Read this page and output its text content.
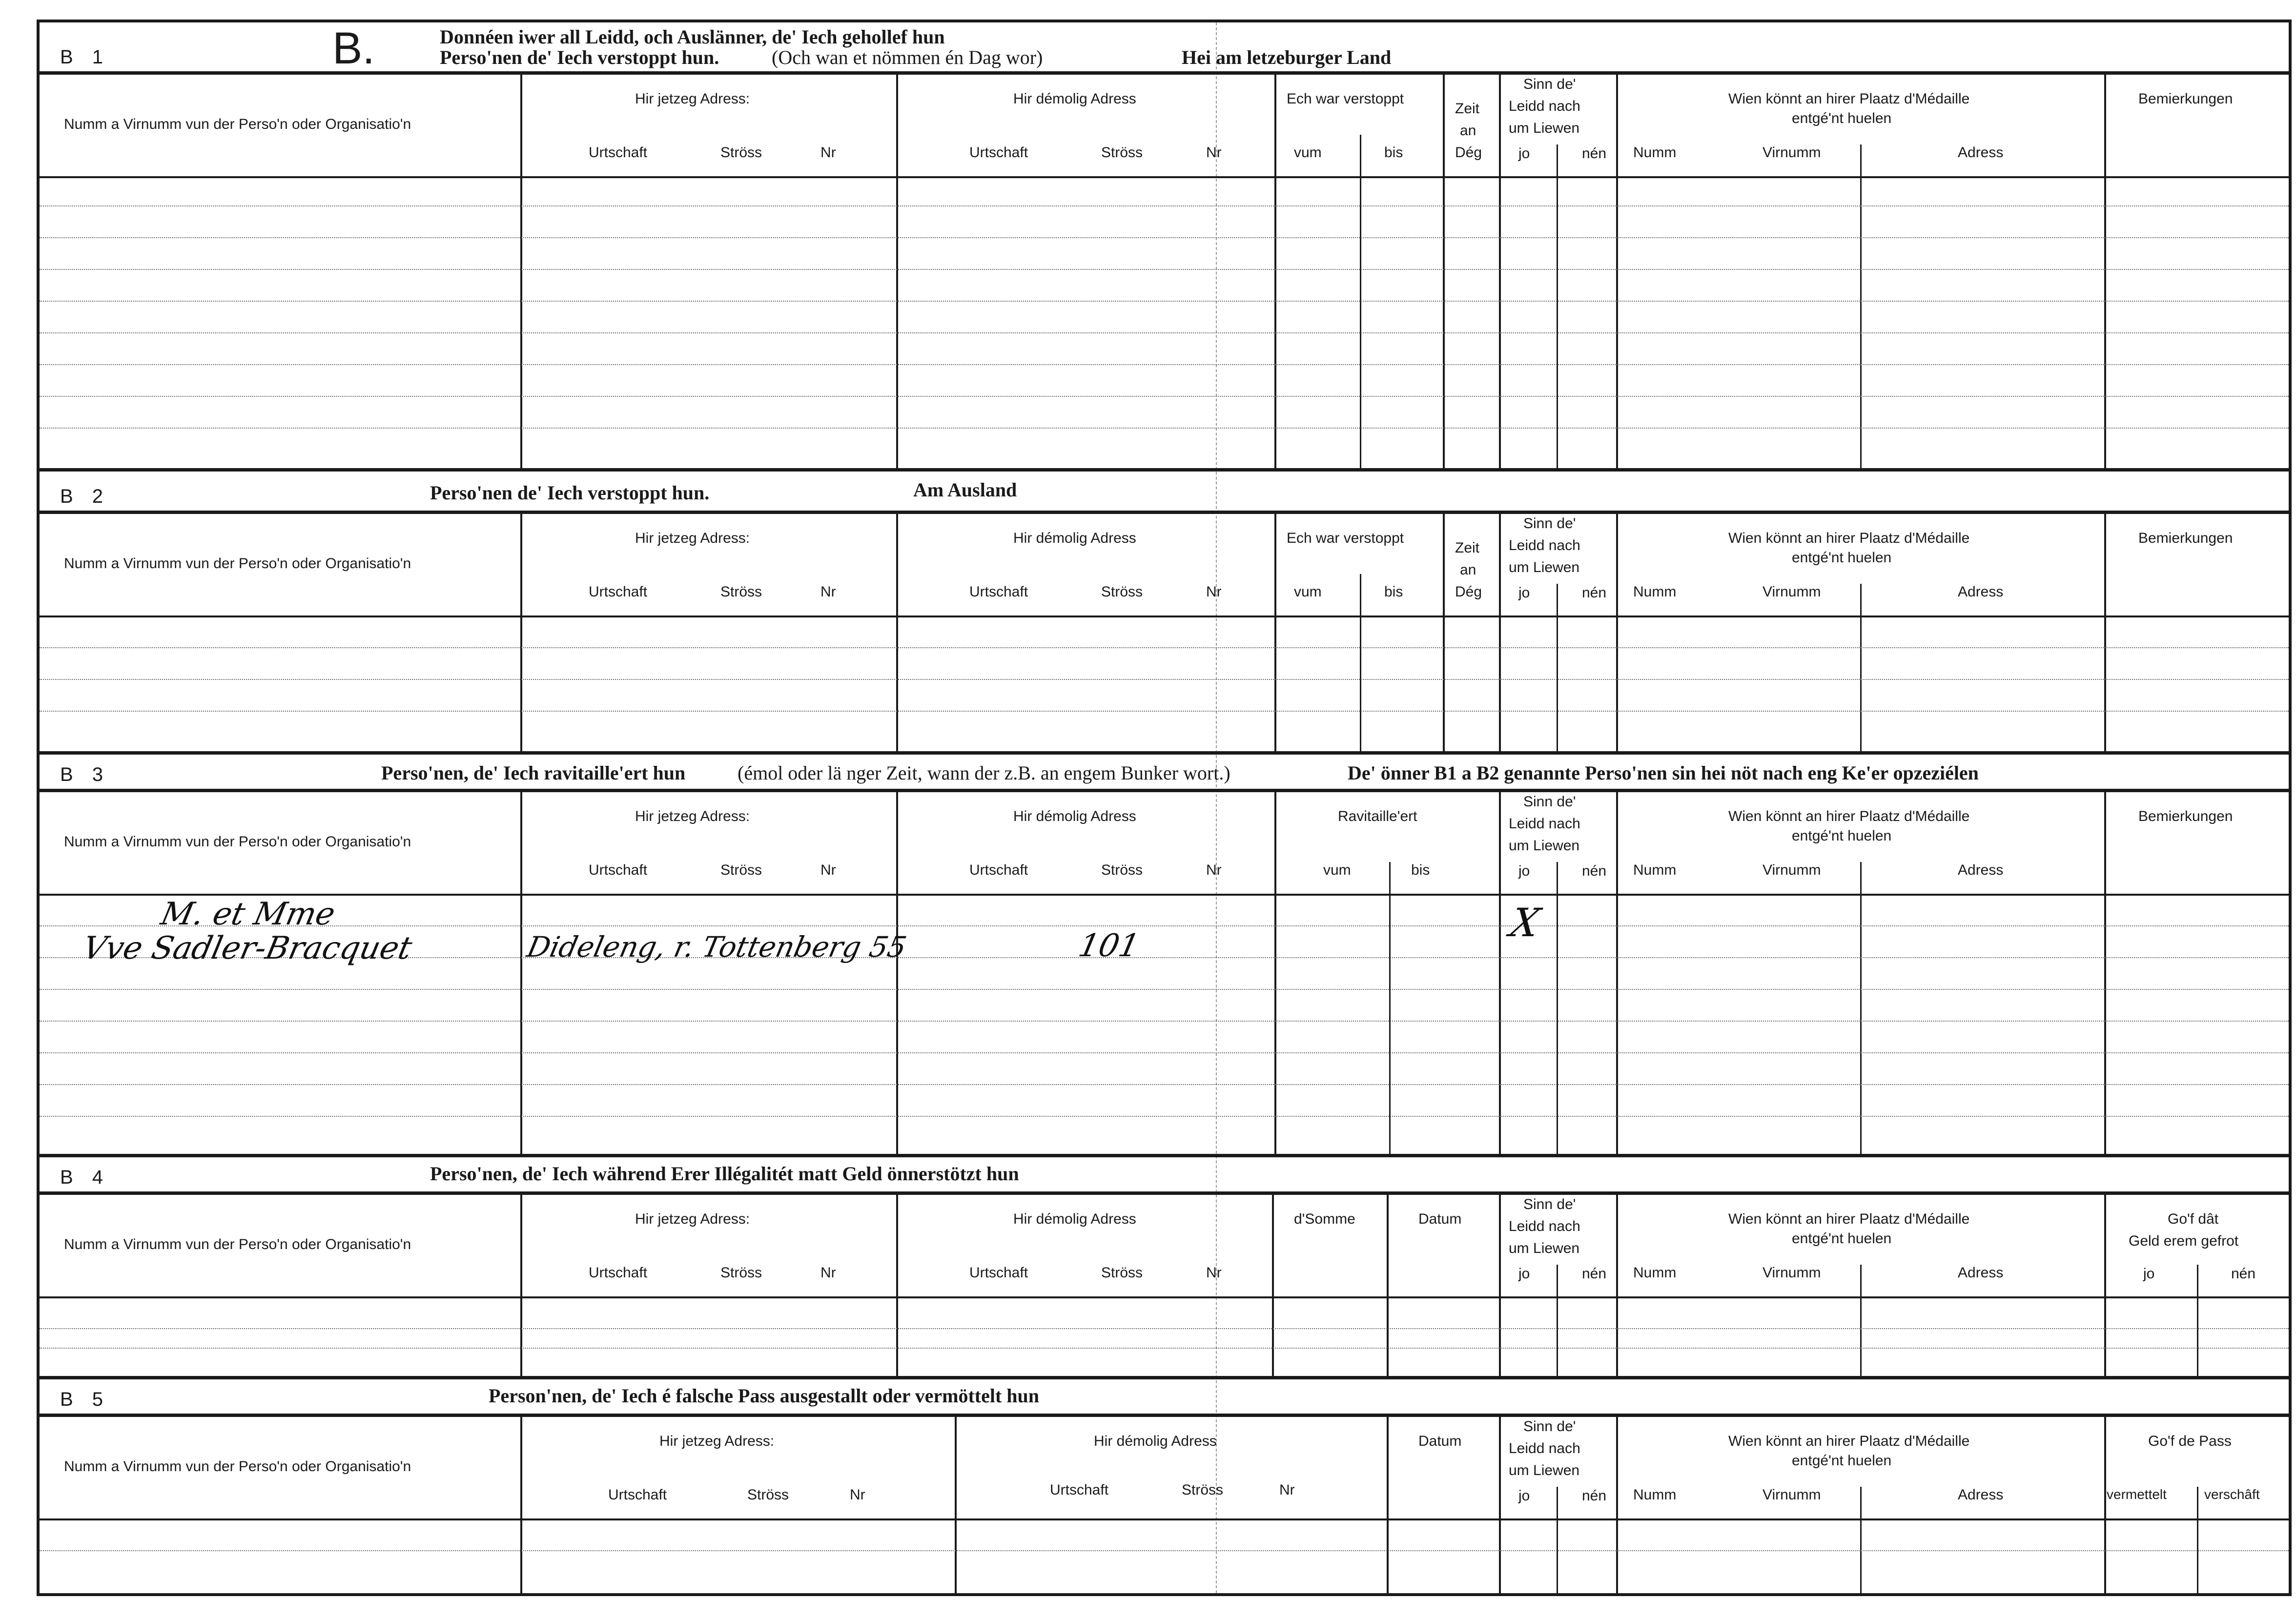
B 1	B.	Donnéen iwer all Leidd, och Auslänner, de' Iech gehollef hun
Perso'nen de' Iech verstoppt hun.	(Och wan et nömmen én Dag wor)	Hei am letzeburger Land
Numm a Virnumm vun der Perso'n oder Organisatio'n
Hir jetzeg Adress:
Urtschaft	Ströss	Nr
Hir démolig Adress
Urtschaft	Ströss	Nr
Ech war verstoppt
vum	bis
Zeit
an
Dég
Sinn de'
Leidd nach
um Liewen
jo	nén
Wien könnt an hirer Plaatz d'Médaille
entgé'nt huelen
Numm	Virnumm	Adress
Bemierkungen
B 2	Perso'nen de' Iech verstoppt hun.	Am Ausland
Numm a Virnumm vun der Perso'n oder Organisatio'n
Hir jetzeg Adress:
Urtschaft	Ströss	Nr
Hir démolig Adress
Urtschaft	Ströss	Nr
Ech war verstoppt
vum	bis
Zeit
an
Dég
Sinn de'
Leidd nach
um Liewen
jo	nén
Wien könnt an hirer Plaatz d'Médaille
entgé'nt huelen
Numm	Virnumm	Adress
Bemierkungen
B 3	Perso'nen, de' Iech ravitaille'ert hun	(émol oder lä nger Zeit, wann der z.B. an engem Bunker wort.)	De' önner B1 a B2 genannte Perso'nen sin hei nöt nach eng Ke'er opzeziélen
Numm a Virnumm vun der Perso'n oder Organisatio'n
Hir jetzeg Adress:
Urtschaft	Ströss	Nr
Hir démolig Adress
Urtschaft	Ströss	Nr
Ravitaille'ert
vum	bis
Sinn de'
Leidd nach
um Liewen
jo	nén
Wien könnt an hirer Plaatz d'Médaille
entgé'nt huelen
Numm	Virnumm	Adress
Bemierkungen
M. et Mme
Vve Sadler-Bracquet	Dideleng, r. Tottenberg 55	101
X
B 4	Perso'nen, de' Iech während Erer Illégalitét matt Geld önnerstötzt hun
Numm a Virnumm vun der Perso'n oder Organisatio'n
Hir jetzeg Adress:
Urtschaft	Ströss	Nr
Hir démolig Adress
Urtschaft	Ströss	Nr
d'Somme	Datum
Sinn de'
Leidd nach
um Liewen
jo	nén
Wien könnt an hirer Plaatz d'Médaille
entgé'nt huelen
Numm	Virnumm	Adress
Go'f dât
Geld erem gefrot
jo	nén
B 5	Person'nen, de' Iech é falsche Pass ausgestallt oder vermöttelt hun
Numm a Virnumm vun der Perso'n oder Organisatio'n
Hir jetzeg Adress:
Urtschaft	Ströss	Nr
Hir démolig Adress
Urtschaft	Ströss	Nr
Datum
Sinn de'
Leidd nach
um Liewen
jo	nén
Wien könnt an hirer Plaatz d'Médaille
entgé'nt huelen
Numm	Virnumm	Adress
Go'f de Pass
vermettelt	verschâft
